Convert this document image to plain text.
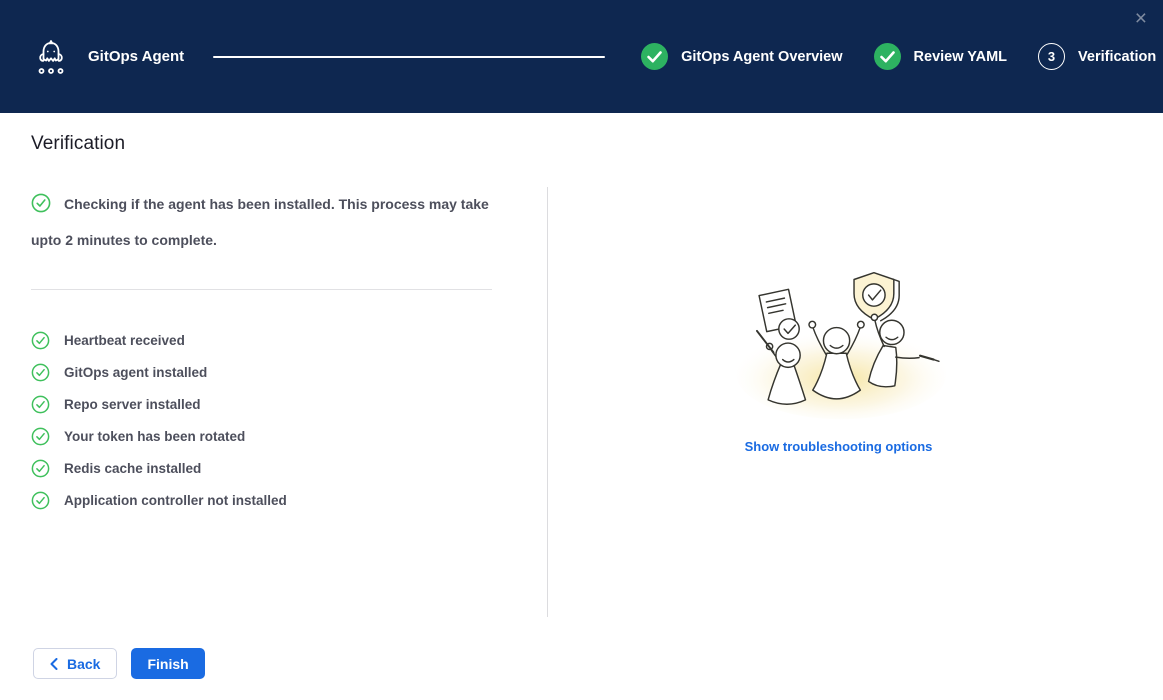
GitOps Agent	GitOps Agent Overview	Review YAML	3	Verification
×
Verification

Checking if the agent has been installed. This process may take upto 2 minutes to complete.

Heartbeat received
GitOps agent installed
Repo server installed
Your token has been rotated
Redis cache installed
Application controller not installed
Show troubleshooting options
Back	Finish
